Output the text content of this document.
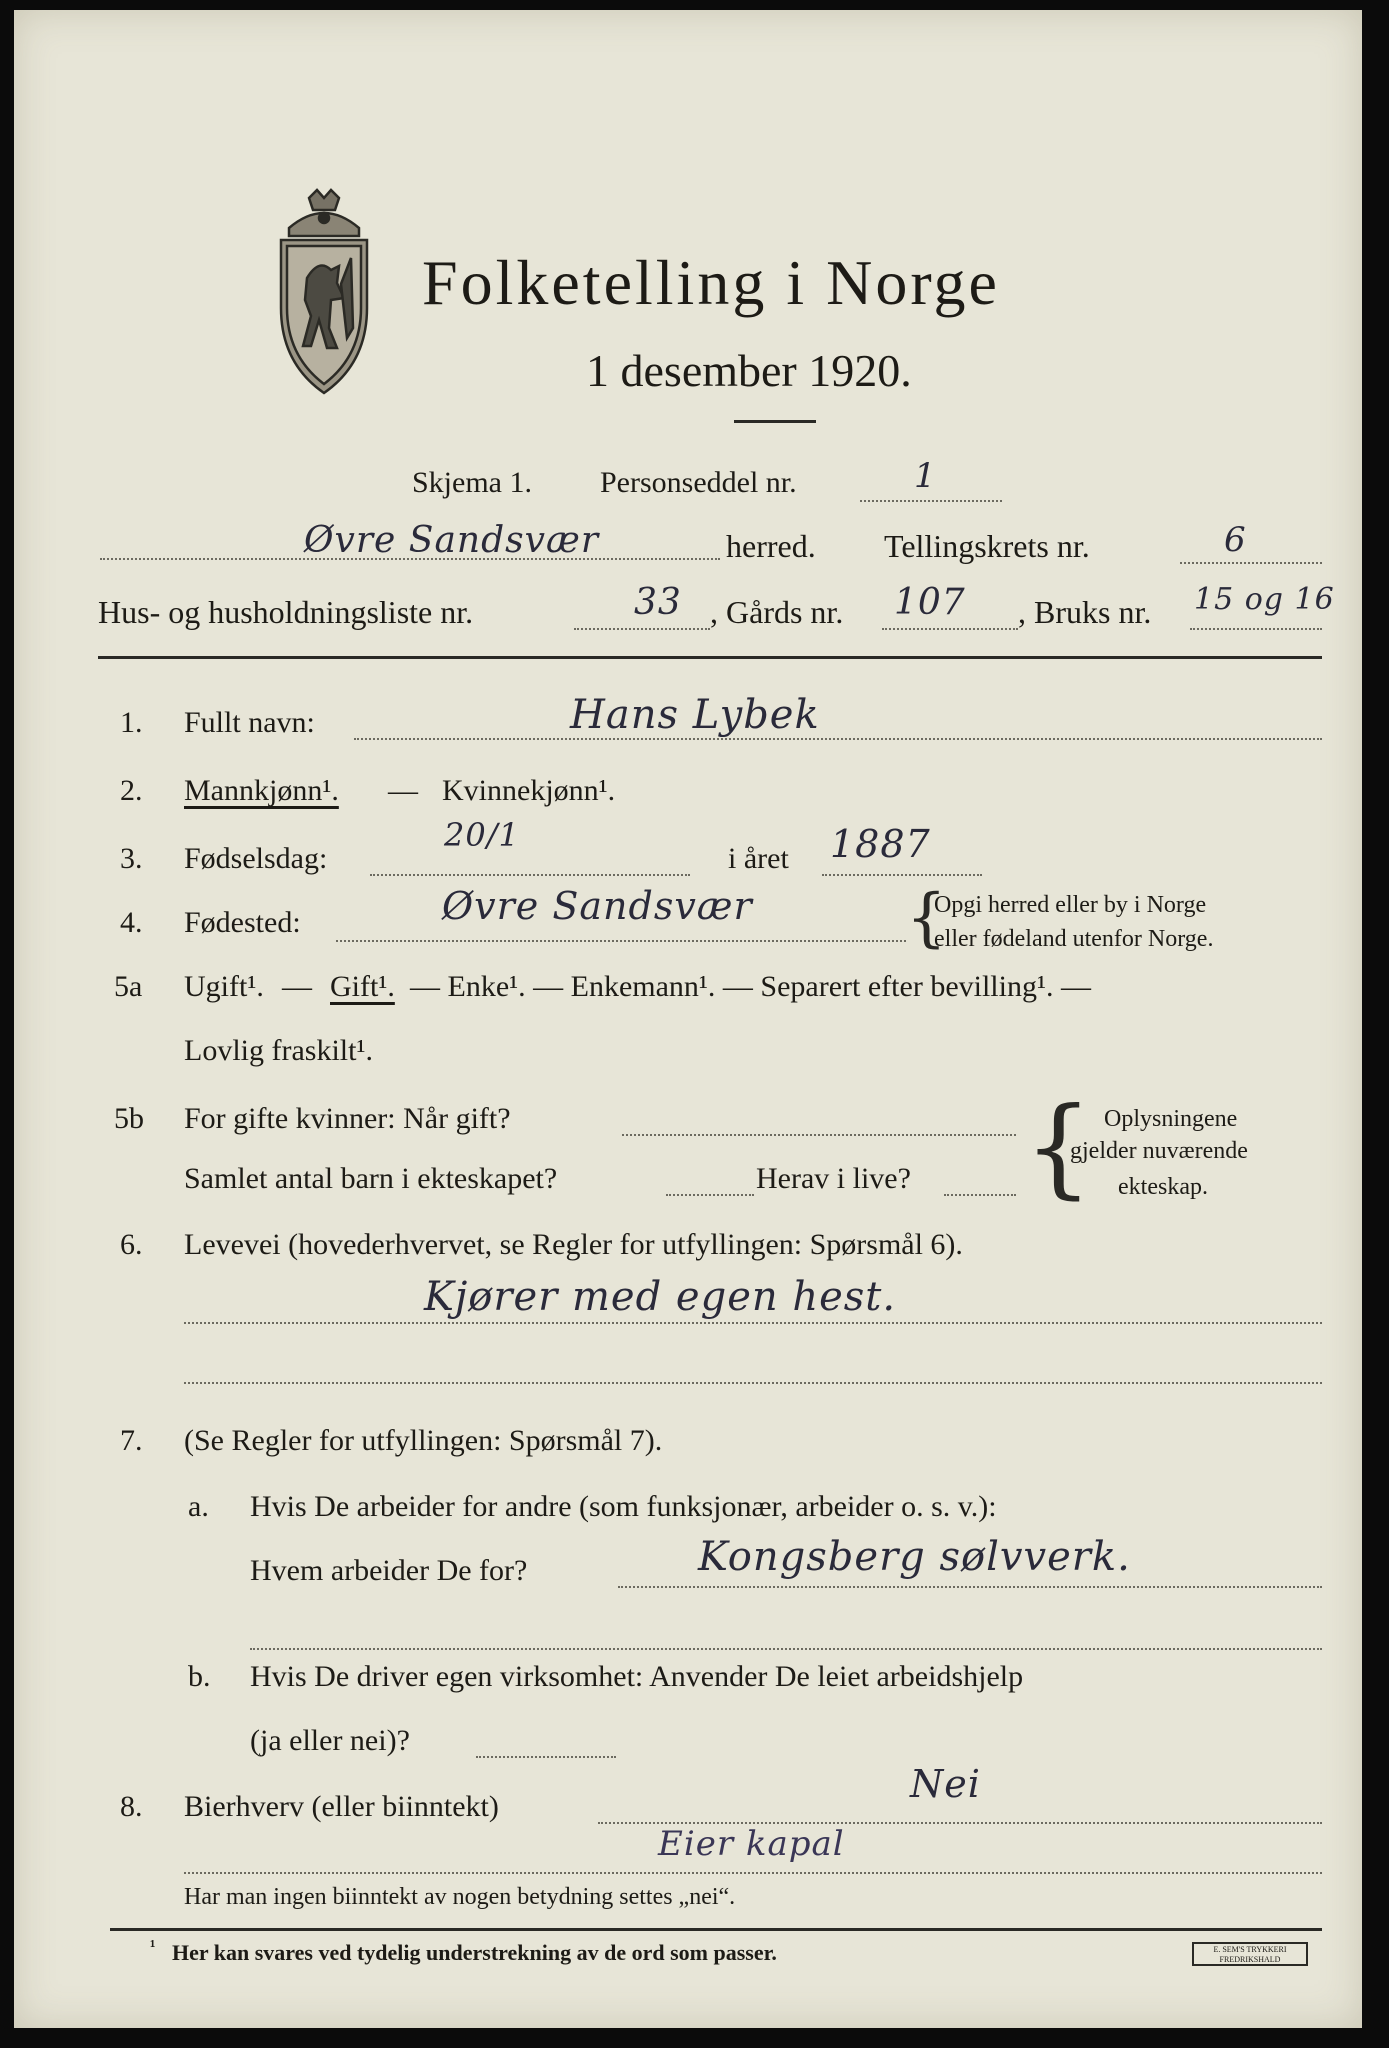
Folketelling i Norge
1 desember 1920.
Skjema 1. Personseddel nr.	1
Øvre Sandsvær	herred. Tellingskrets nr.	6
Hus- og husholdningsliste nr.	33 , Gårds nr. 107 , Bruks nr. 15 og 16
1. Fullt navn:	Hans Lybek
2. Mannkjønn¹. — Kvinnekjønn¹.
3. Fødselsdag:
20/1
i året 1887
4. Fødested:	Øvre Sandsvær {
Opgi herred eller by i Norge
eller fødeland utenfor Norge.
5a Ugift¹. — Gift¹. — Enke¹. — Enkemann¹. — Separert efter bevilling¹. —
Lovlig fraskilt¹.
5b For gifte kvinner: Når gift?
Samlet antal barn i ekteskapet?	Herav i live? { Oplysningene
gjelder nuværende
ekteskap.
6. Levevei (hovederhvervet, se Regler for utfyllingen: Spørsmål 6).
Kjører med egen hest.
7. (Se Regler for utfyllingen: Spørsmål 7).
a. Hvis De arbeider for andre (som funksjonær, arbeider o. s. v.):
Hvem arbeider De for?	Kongsberg sølvverk.
b. Hvis De driver egen virksomhet: Anvender De leiet arbeidshjelp
(ja eller nei)?
8. Bierhverv (eller biinntekt)
Nei
Eier kapal
Har man ingen biinntekt av nogen betydning settes „nei“.
¹ Her kan svares ved tydelig understrekning av de ord som passer.	E. SEM'S TRYKKERI FREDRIKSHALD
